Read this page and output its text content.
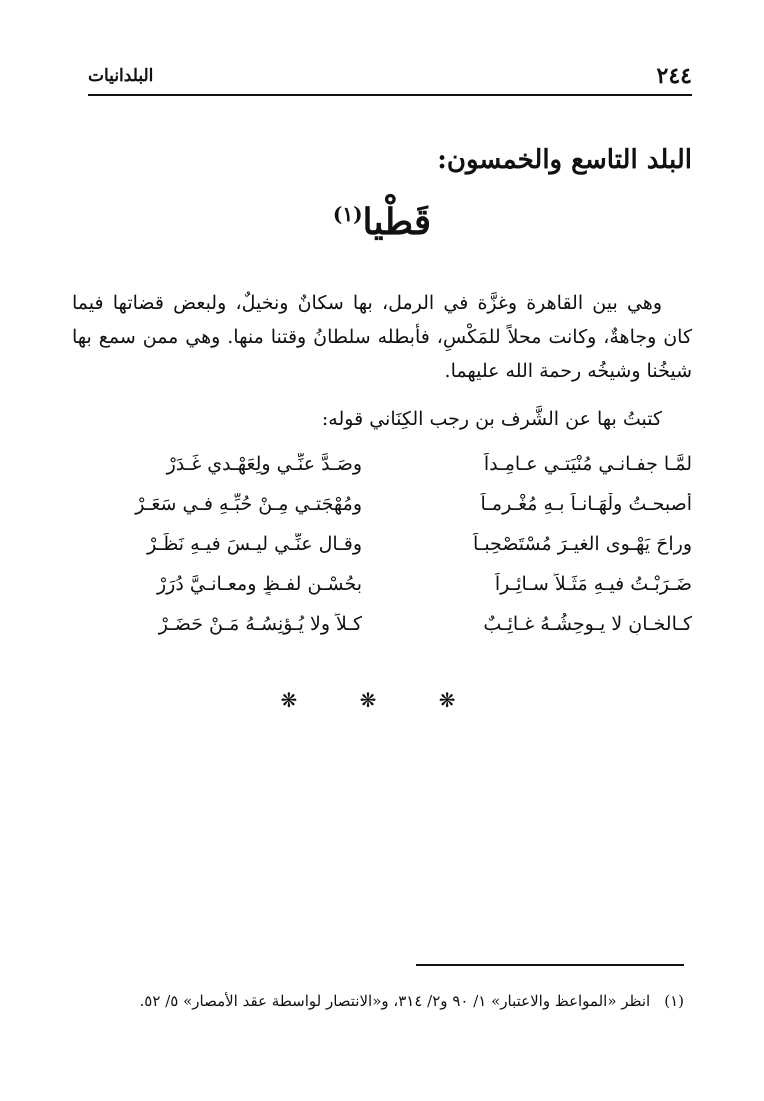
٢٤٤
البلدانيات
البلد التاسع والخمسون:
قَطْيا$^{(١)}$

وهي بين القاهرة وغزَّة في الرمل، بها سكانٌ ونخيلٌ، ولبعض قضاتها فيما كان وجاهةٌ، وكانت محلاً للمَكْسِ، فأبطله سلطانُ وقتنا منها. وهي ممن سمع بها شيخُنا وشيخُه رحمة الله عليهما.

كتبتُ بها عن الشَّرف بن رجب الكِنَاني قوله:
لمَّـا جفـانـي مُنْيَتـي عـامِـداً
وصَـدَّ عنِّـي ولِعَهْـدي غَـدَرْ
أصبحـتُ ولْهَـانـاً بـهِ مُغْـرمـاً
ومُهْجَتـي مِـنْ حُبِّـهِ فـي سَعَـرْ
وراحَ يَهْـوى الغيـرَ مُسْتَصْحِبـاً
وقـال عنِّـي ليـسَ فيـهِ نَظَـرْ
ضَـرَبْـتُ فيـهِ مَثَـلاً سـائِـراً
بحُسْـنِ لفـظٍ ومعـانـيَّ دُرَرْ
كـالخـانِ لا يـوحِشُـهُ غـائِـبٌ
كـلاً ولا يُـؤنِسُـهُ مَـنْ حَضَـرْ
❋ ❋ ❋
(١)انظر «المواعظ والاعتبار» ١/ ٩٠ و٢/ ٣١٤، و«الانتصار لواسطة عقد الأمصار» ٥/ ٥٢.
